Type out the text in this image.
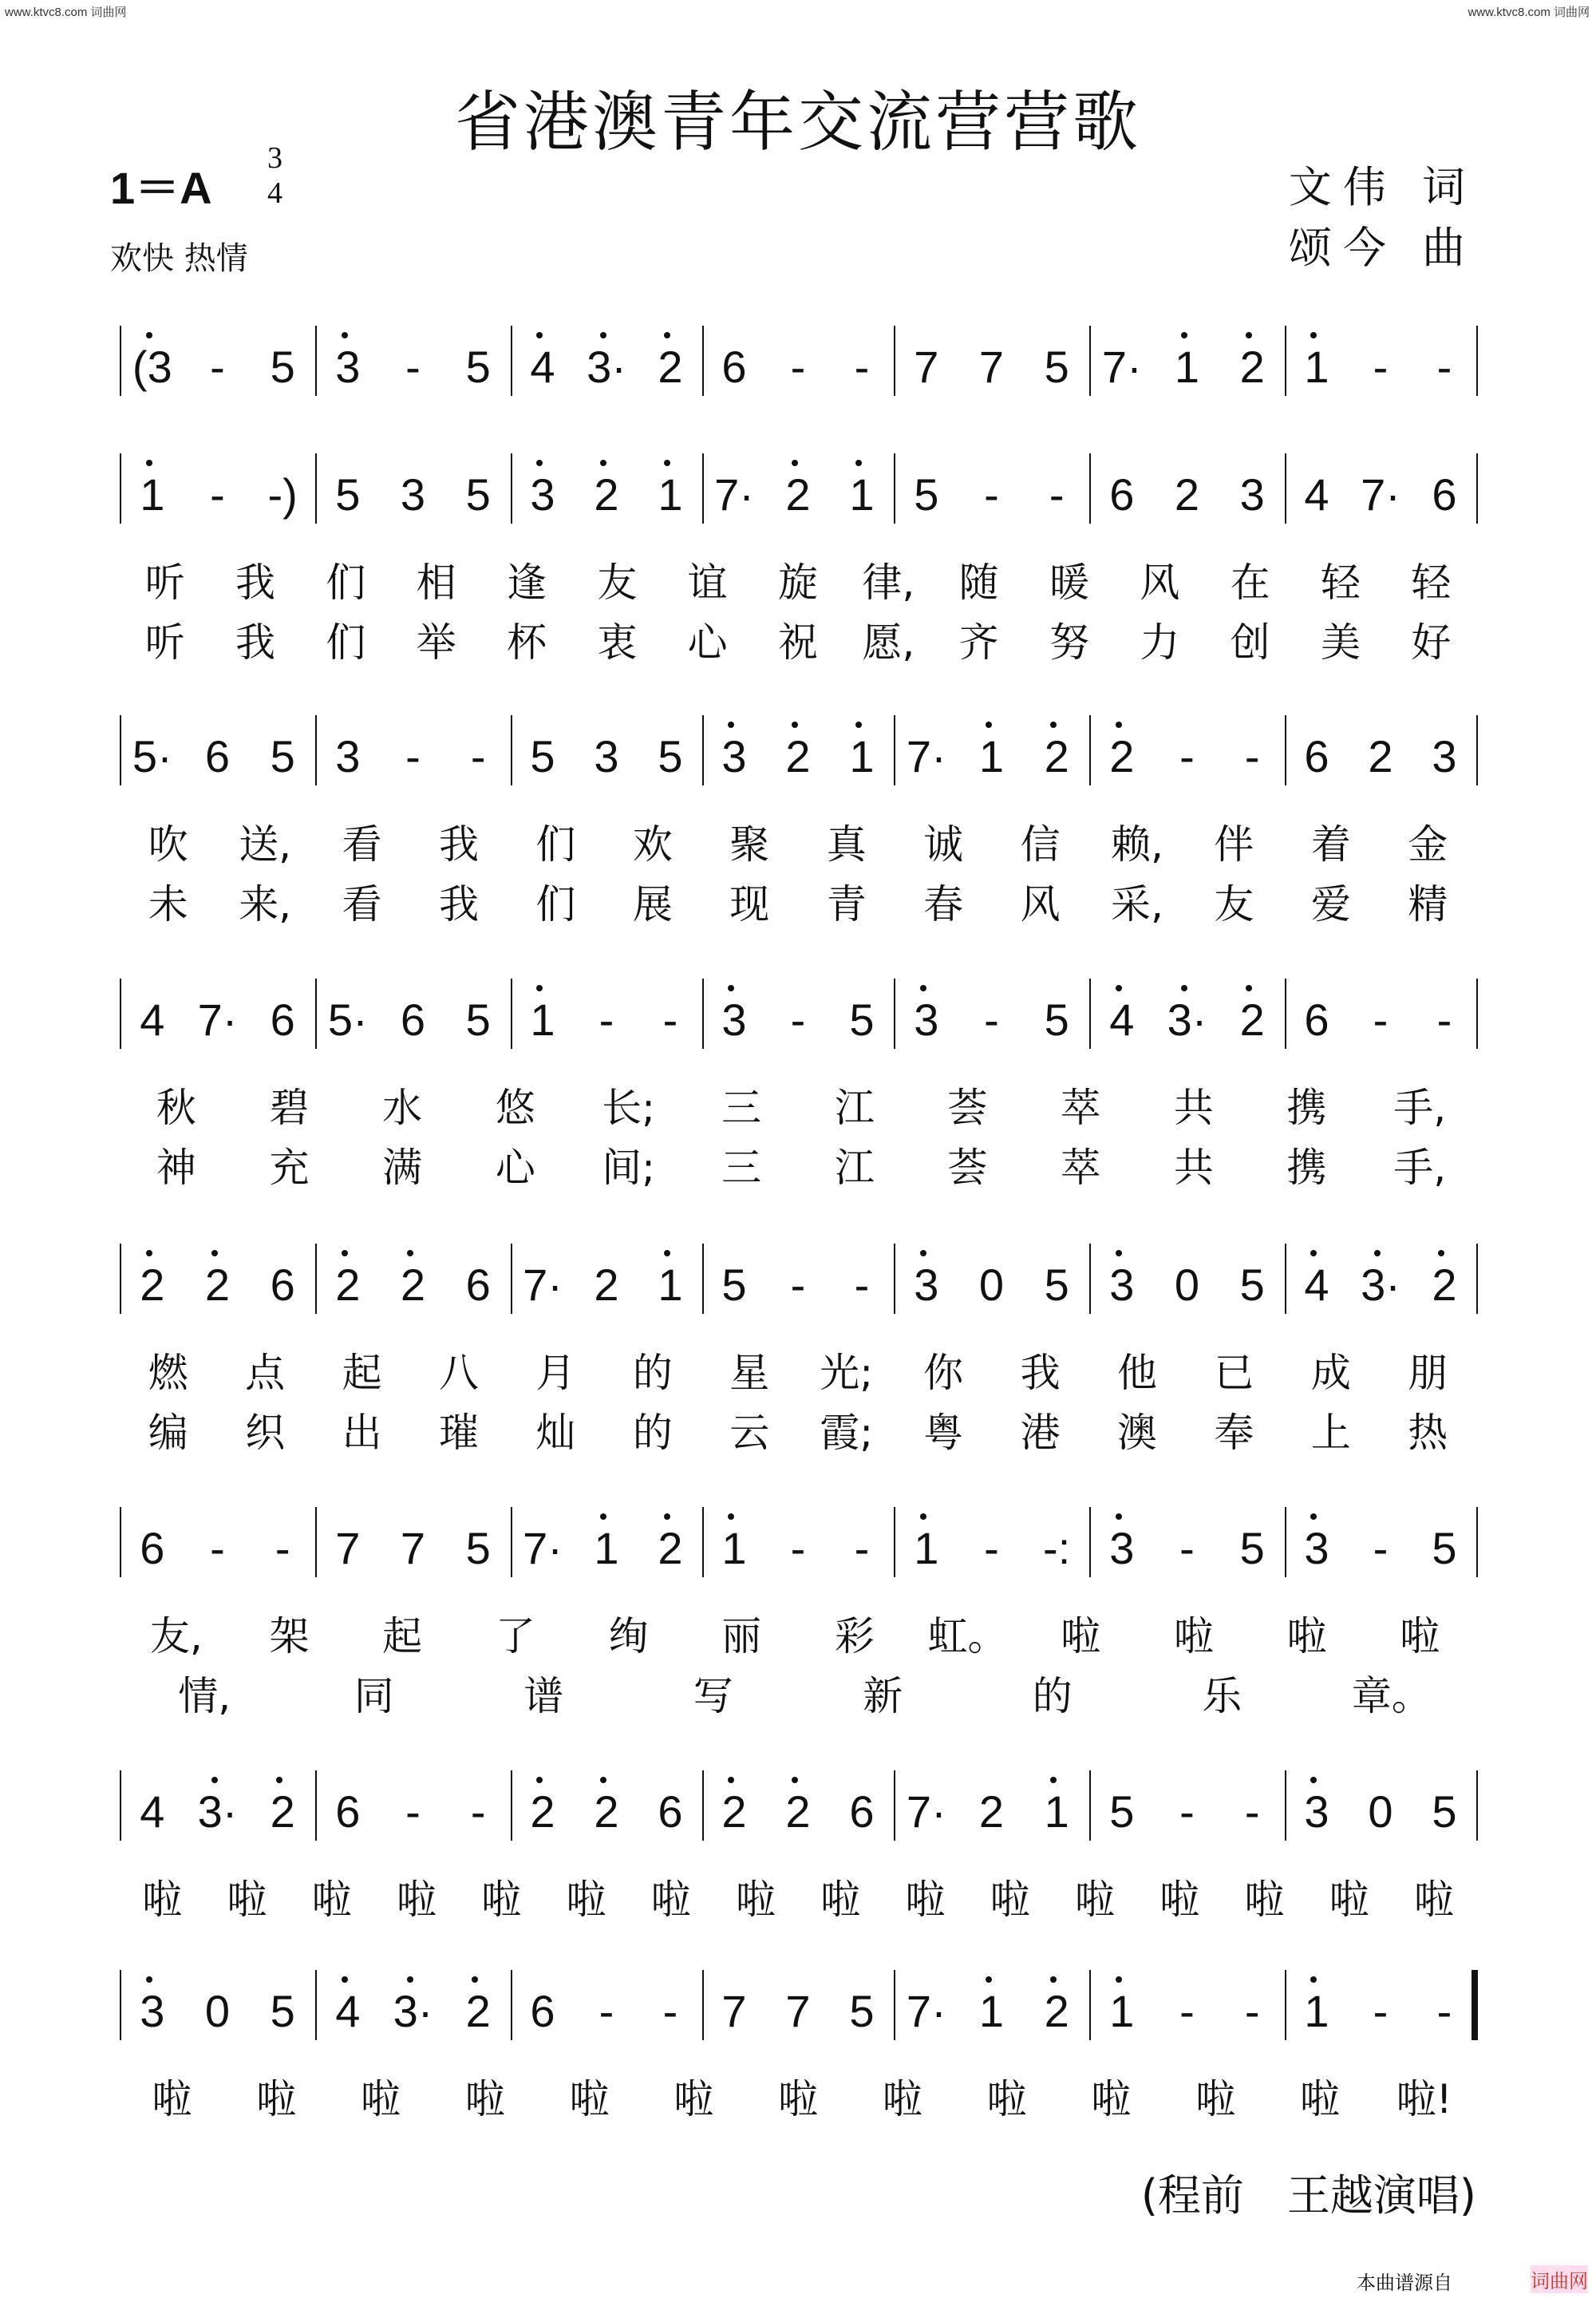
www.ktvc8.com 词曲网	www.ktvc8.com 词曲网
省港澳青年交流营营歌
1＝A
3
4
欢快 热情
文伟 词
颂今 曲
(3 - 5 3 - 5 4 3· 2 6 - - 7 7 5 7· 1 2 1 - -
1 - -) 5 3 5 3 2 1 7· 2 1 5 - - 6 2 3 4 7· 6
听 我 们 相 逢 友 谊 旋 律, 随 暖 风 在 轻 轻
听 我 们 举 杯 衷 心 祝 愿, 齐 努 力 创 美 好
5· 6 5 3 - - 5 3 5 3 2 1 7· 1 2 2 - - 6 2 3
吹 送, 看 我 们 欢 聚 真 诚 信 赖, 伴 着 金
未 来, 看 我 们 展 现 青 春 风 采, 友 爱 精
4 7· 6 5· 6 5 1 - - 3 - 5 3 - 5 4 3· 2 6 - -
秋 碧 水 悠 长; 三 江 荟 萃 共 携 手,
神 充 满 心 间; 三 江 荟 萃 共 携 手,
2 2 6 2 2 6 7· 2 1 5 - - 3 0 5 3 0 5 4 3· 2
燃 点 起 八 月 的 星 光; 你 我 他 已 成 朋
编 织 出 璀 灿 的 云 霞; 粤 港 澳 奉 上 热
6 - - 7 7 5 7· 1 2 1 - - 1 - -: 3 - 5 3 - 5
友, 架 起 了 绚 丽 彩 虹。 啦 啦 啦 啦
情,	同	谱	写	新	的	乐	章。
4 3· 2 6 - - 2 2 6 2 2 6 7· 2 1 5 - - 3 0 5
啦 啦 啦 啦 啦 啦 啦 啦 啦 啦 啦 啦 啦 啦 啦 啦
3 0 5 4 3· 2 6 - - 7 7 5 7· 1 2 1 - - 1 - -
啦 啦 啦 啦 啦 啦 啦 啦 啦 啦 啦 啦 啦!
(程前　王越演唱)
本曲谱源自	词曲网
